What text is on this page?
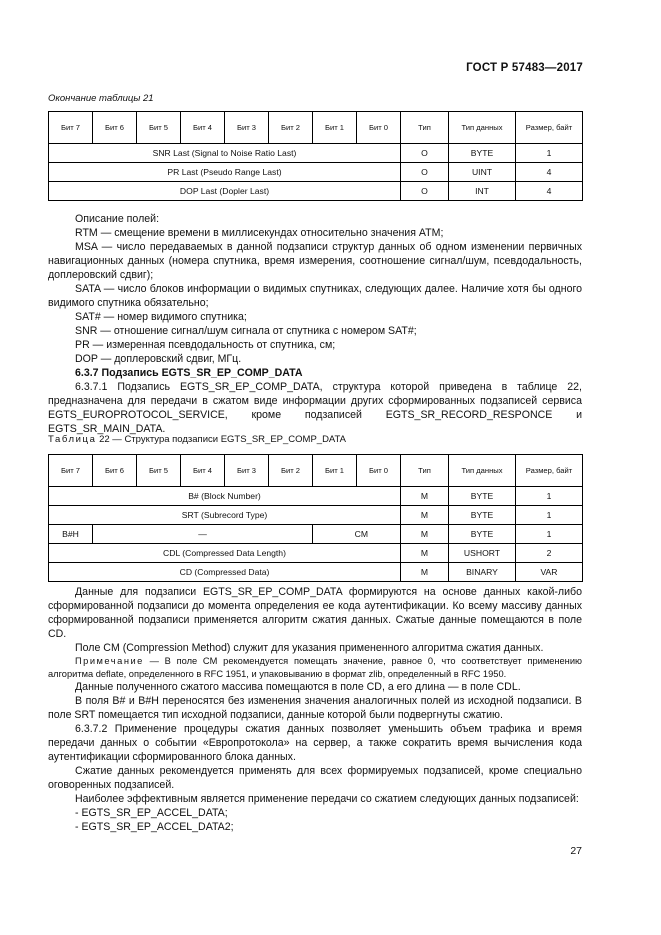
ГОСТ Р 57483—2017
Окончание таблицы 21
Бит 7	Бит 6	Бит 5	Бит 4	Бит 3	Бит 2	Бит 1	Бит 0	Тип	Тип данных	Размер, байт
SNR Last (Signal to Noise Ratio Last)								O	BYTE	1
PR Last (Pseudo Range Last)								O	UINT	4
DOP Last (Dopler Last)								O	INT	4

Описание полей:

RTM — смещение времени в миллисекундах относительно значения ATM;

MSA — число передаваемых в данной подзаписи структур данных об одном изменении первичных навигационных данных (номера спутника, время измерения, соотношение сигнал/шум, псевдодальность, доплеровский сдвиг);

SATA — число блоков информации о видимых спутниках, следующих далее. Наличие хотя бы одного видимого спутника обязательно;

SAT# — номер видимого спутника;

SNR — отношение сигнал/шум сигнала от спутника с номером SAT#;

PR — измеренная псевдодальность от спутника, см;

DOP — доплеровский сдвиг, МГц.

6.3.7 Подзапись EGTS_SR_EP_COMP_DATA

6.3.7.1 Подзапись EGTS_SR_EP_COMP_DATA, структура которой приведена в таблице 22, предназначена для передачи в сжатом виде информации других сформированных подзаписей сервиса EGTS_EUROPROTOCOL_SERVICE, кроме подзаписей EGTS_SR_RECORD_RESPONCE и EGTS_SR_MAIN_DATA.

Таблица 22 — Структура подзаписи EGTS_SR_EP_COMP_DATA
Бит 7	Бит 6	Бит 5	Бит 4	Бит 3	Бит 2	Бит 1	Бит 0	Тип	Тип данных	Размер, байт
B# (Block Number)								M	BYTE	1
SRT (Subrecord Type)								M	BYTE	1
B#H	—					CM		M	BYTE	1
CDL (Compressed Data Length)								M	USHORT	2
CD (Compressed Data)								M	BINARY	VAR

Данные для подзаписи EGTS_SR_EP_COMP_DATA формируются на основе данных какой-либо сформированной подзаписи до момента определения ее кода аутентификации. Ко всему массиву данных сформированной подзаписи применяется алгоритм сжатия данных. Сжатые данные помещаются в поле CD.

Поле CM (Compression Method) служит для указания примененного алгоритма сжатия данных.

Примечание — В поле CM рекомендуется помещать значение, равное 0, что соответствует применению алгоритма deflate, определенного в RFC 1951, и упаковыванию в формат zlib, определенный в RFC 1950.

Данные полученного сжатого массива помещаются в поле CD, а его длина — в поле CDL.

В поля B# и B#H переносятся без изменения значения аналогичных полей из исходной подзаписи. В поле SRT помещается тип исходной подзаписи, данные которой были подвергнуты сжатию.

6.3.7.2 Применение процедуры сжатия данных позволяет уменьшить объем трафика и время передачи данных о событии «Европротокола» на сервер, а также сократить время вычисления кода аутентификации сформированного блока данных.

Сжатие данных рекомендуется применять для всех формируемых подзаписей, кроме специально оговоренных подзаписей.

Наиболее эффективным является применение передачи со сжатием следующих данных подзаписей:

- EGTS_SR_EP_ACCEL_DATA;

- EGTS_SR_EP_ACCEL_DATA2;

27
